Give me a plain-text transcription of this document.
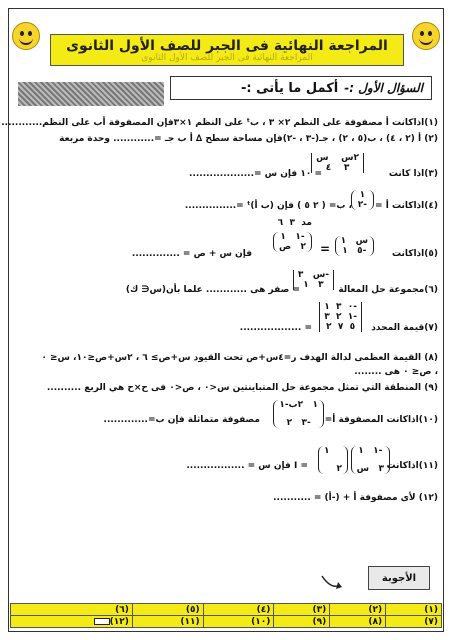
المراجعة النهائية فى الجبر للصف الأول الثانوى
المراجعة النهائية فى الجبر للصف الأول الثانوى
السؤال الأول :-
أكمل ما يأتى :-
(١)اذاكانت أ مصفوفة على النظم ٢× ٣ ، بᵗ على النظم ١×٣فإن المصفوفة أب على النظم............
(٢) أ (٢ ، ٤) ، ب(٥ ، ٢) ، جـ(-٣ ، -٢)فإن مساحة سطح ∆ أ ب جـ =............ وحدة مربعة
(٣)اذا كانت
٢س    س
٣    ٤
= ١٠ فإن س =...................
(٤)اذاكانت أ =
١
٢-
، ب= ( ٢ ٥ ) فإن (ب أ)ᵗ =...............
(٥)اذاكانت
س   ١
٥   ١-
=
مد  ٣  ٦
١   ١-
٢   ص
فإن س + ص = ..............
(٦)مجموعة حل المعالة
س   ٣-
٣   ١
= صفر هى ............ علما بأن(س∈ ك)
(٧)قيمة المحدد
٠  ٣  ١-
١  ٢  ٣-
٥  ٧  ٢
= ..................
(٨) القيمة العظمى لدالة الهدف ر=٤س+ص تحت القيود س+ص≥ ٦ ، ٢س+ص≤١٠، س≤ ٠
، ص≤ ٠ هى ........
(٩) المنطقة التي تمثل مجموعة حل المتباينتين س<٠ ، ص<٠ فى ح×ح هي الربع ..........
(١٠)اذاكانت المصفوفة أ=
١   ٢ب-١
٣   ٢-
مصفوفة متماثلة فإن ب=.............
(١١)اذاكانت
١   ١-
٣   س
١
٢
= I فإن س = .................
(١٢) لأى مصفوفة أ + (-أ) = ...........
الأجوبة
(١)	(٢)	(٣)	(٤)	(٥)	(٦)
(٧)	(٨)	(٩)	(١٠)	(١١)	(١٢)
